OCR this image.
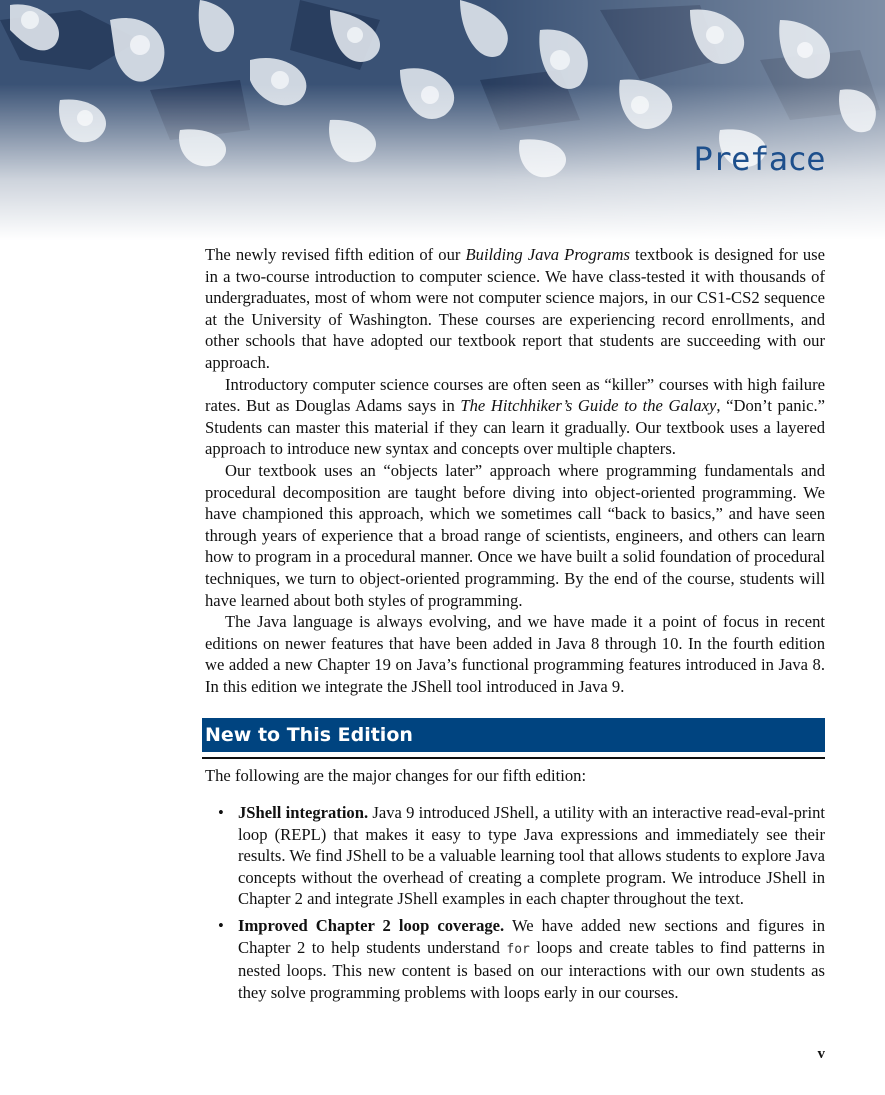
Preface

The newly revised fifth edition of our Building Java Programs textbook is designed for use in a two-course introduction to computer science. We have class-tested it with thousands of undergraduates, most of whom were not computer science majors, in our CS1-CS2 sequence at the University of Washington. These courses are experiencing record enrollments, and other schools that have adopted our textbook report that students are succeeding with our approach.

Introductory computer science courses are often seen as “killer” courses with high failure rates. But as Douglas Adams says in The Hitchhiker’s Guide to the Galaxy, “Don’t panic.” Students can master this material if they can learn it gradually. Our textbook uses a layered approach to introduce new syntax and concepts over multiple chapters.

Our textbook uses an “objects later” approach where programming fundamentals and procedural decomposition are taught before diving into object-oriented programming. We have championed this approach, which we sometimes call “back to basics,” and have seen through years of experience that a broad range of scientists, engineers, and others can learn how to program in a procedural manner. Once we have built a solid foundation of procedural techniques, we turn to object-oriented programming. By the end of the course, students will have learned about both styles of programming.

The Java language is always evolving, and we have made it a point of focus in recent editions on newer features that have been added in Java 8 through 10. In the fourth edition we added a new Chapter 19 on Java’s functional programming features introduced in Java 8. In this edition we integrate the JShell tool introduced in Java 9.

New to This Edition

The following are the major changes for our fifth edition:

• JShell integration. Java 9 introduced JShell, a utility with an interactive read-eval-print loop (REPL) that makes it easy to type Java expressions and immediately see their results. We find JShell to be a valuable learning tool that allows students to explore Java concepts without the overhead of creating a complete program. We introduce JShell in Chapter 2 and integrate JShell examples in each chapter throughout the text.
• Improved Chapter 2 loop coverage. We have added new sections and figures in Chapter 2 to help students understand for loops and create tables to find patterns in nested loops. This new content is based on our interactions with our own students as they solve programming problems with loops early in our courses.
v
